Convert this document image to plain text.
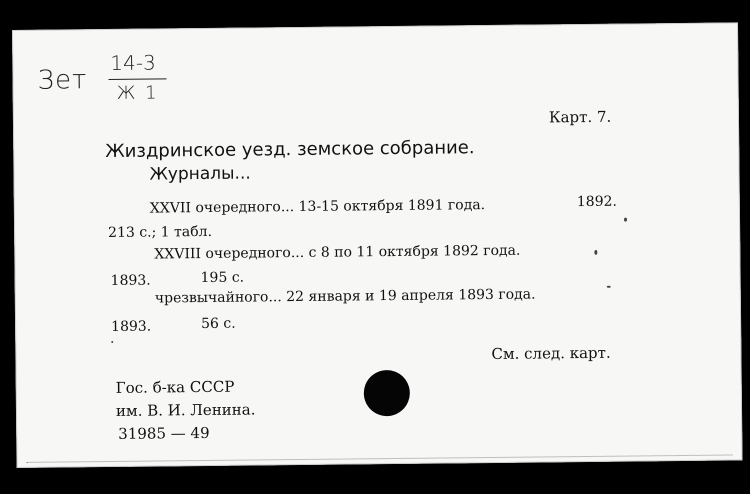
Зет
14-3
Ж 1
Карт. 7.
Жиздринское уезд. земское собрание.
Журналы...
XXVII очередного... 13-15 октября 1891 года.	1892.
213 с.; 1 табл.
XXVIII очередного... с 8 по 11 октября 1892 года.
1893.	195 с.
чрезвычайного... 22 января и 19 апреля 1893 года.
1893.	56 с.
См. след. карт.
Гос. б-ка СССР
им. В. И. Ленина.
31985 — 49
